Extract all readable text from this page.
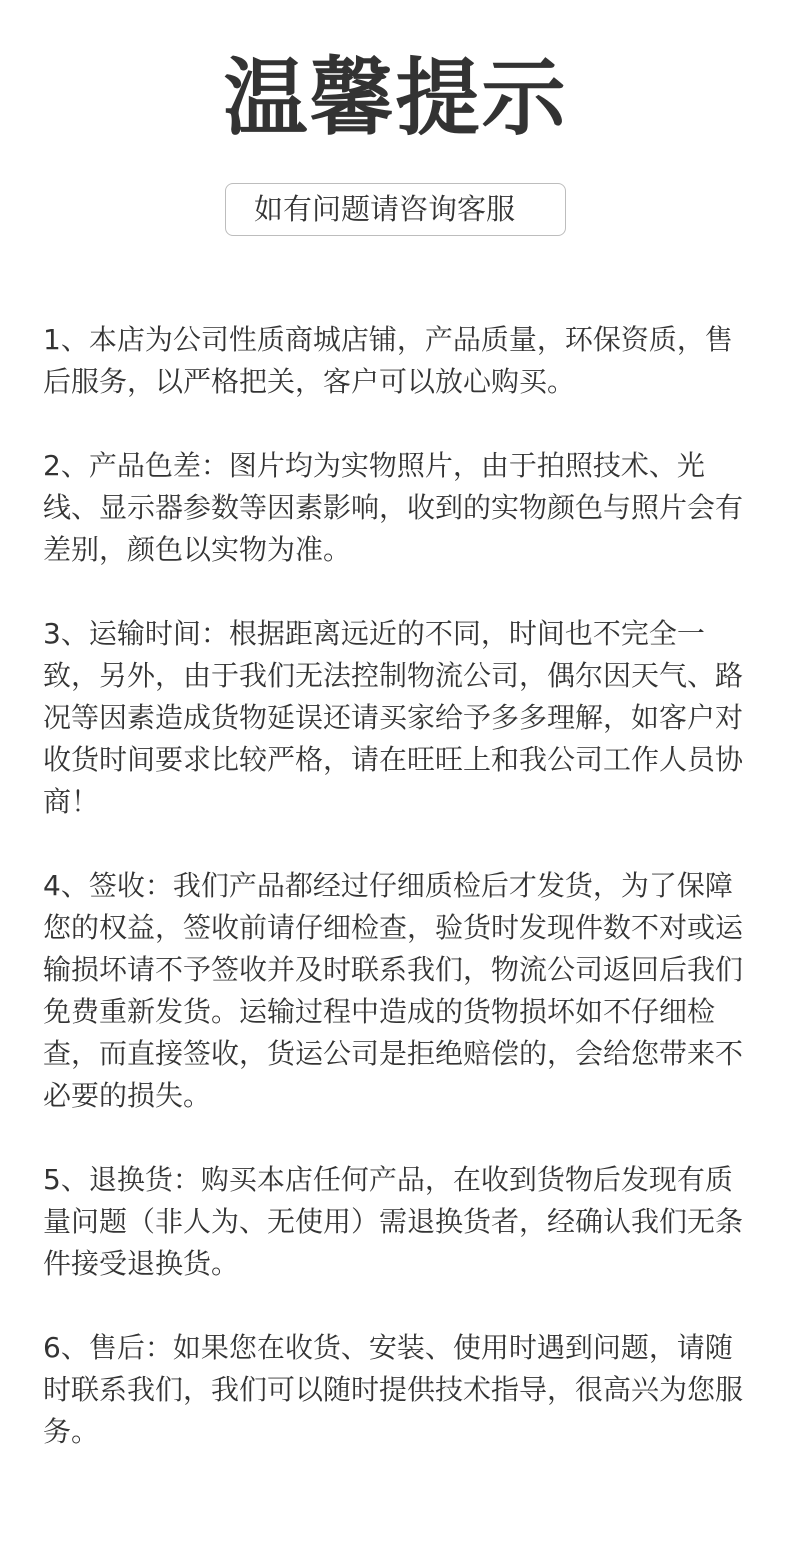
温馨提示
如有问题请咨询客服

1、本店为公司性质商城店铺，产品质量，环保资质，售后服务，以严格把关，客户可以放心购买。

2、产品色差：图片均为实物照片，由于拍照技术、光线、显示器参数等因素影响，收到的实物颜色与照片会有差别，颜色以实物为准。

3、运输时间：根据距离远近的不同，时间也不完全一致，另外，由于我们无法控制物流公司，偶尔因天气、路况等因素造成货物延误还请买家给予多多理解，如客户对收货时间要求比较严格，请在旺旺上和我公司工作人员协商！

4、签收：我们产品都经过仔细质检后才发货，为了保障您的权益，签收前请仔细检查，验货时发现件数不对或运输损坏请不予签收并及时联系我们，物流公司返回后我们免费重新发货。运输过程中造成的货物损坏如不仔细检查，而直接签收，货运公司是拒绝赔偿的，会给您带来不必要的损失。

5、退换货：购买本店任何产品，在收到货物后发现有质量问题（非人为、无使用）需退换货者，经确认我们无条件接受退换货。

6、售后：如果您在收货、安装、使用时遇到问题，请随时联系我们，我们可以随时提供技术指导，很高兴为您服务。
